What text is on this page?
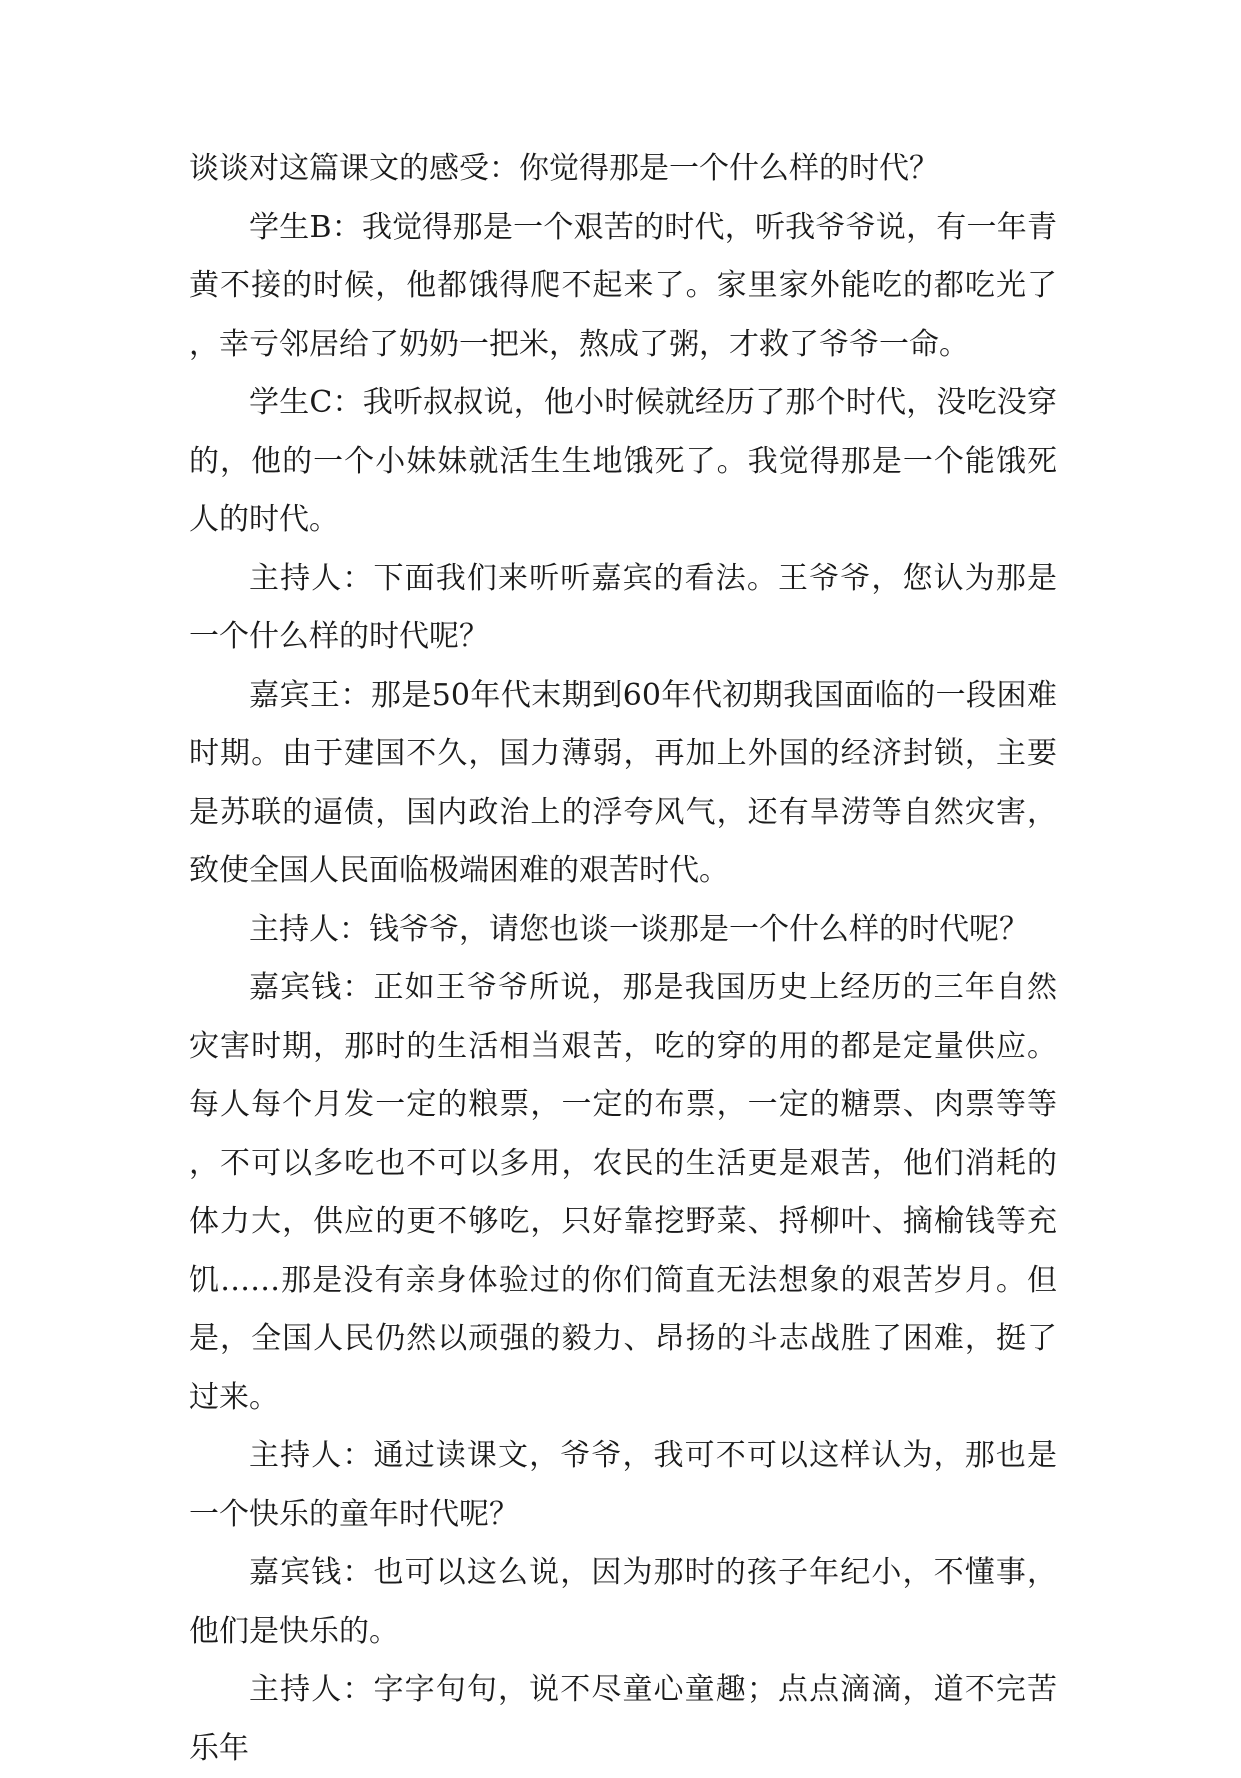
谈谈对这篇课文的感受：你觉得那是一个什么样的时代？

学生B：我觉得那是一个艰苦的时代，听我爷爷说，有一年青黄不接的时候，他都饿得爬不起来了。家里家外能吃的都吃光了，幸亏邻居给了奶奶一把米，熬成了粥，才救了爷爷一命。

学生C：我听叔叔说，他小时候就经历了那个时代，没吃没穿的，他的一个小妹妹就活生生地饿死了。我觉得那是一个能饿死人的时代。

主持人：下面我们来听听嘉宾的看法。王爷爷，您认为那是一个什么样的时代呢？

嘉宾王：那是50年代末期到60年代初期我国面临的一段困难时期。由于建国不久，国力薄弱，再加上外国的经济封锁，主要是苏联的逼债，国内政治上的浮夸风气，还有旱涝等自然灾害，致使全国人民面临极端困难的艰苦时代。

主持人：钱爷爷，请您也谈一谈那是一个什么样的时代呢？

嘉宾钱：正如王爷爷所说，那是我国历史上经历的三年自然灾害时期，那时的生活相当艰苦，吃的穿的用的都是定量供应。每人每个月发一定的粮票，一定的布票，一定的糖票、肉票等等，不可以多吃也不可以多用，农民的生活更是艰苦，他们消耗的体力大，供应的更不够吃，只好靠挖野菜、捋柳叶、摘榆钱等充饥……那是没有亲身体验过的你们简直无法想象的艰苦岁月。但是，全国人民仍然以顽强的毅力、昂扬的斗志战胜了困难，挺了过来。

主持人：通过读课文，爷爷，我可不可以这样认为，那也是一个快乐的童年时代呢？

嘉宾钱：也可以这么说，因为那时的孩子年纪小，不懂事，他们是快乐的。

主持人：字字句句，说不尽童心童趣；点点滴滴，道不完苦乐年
